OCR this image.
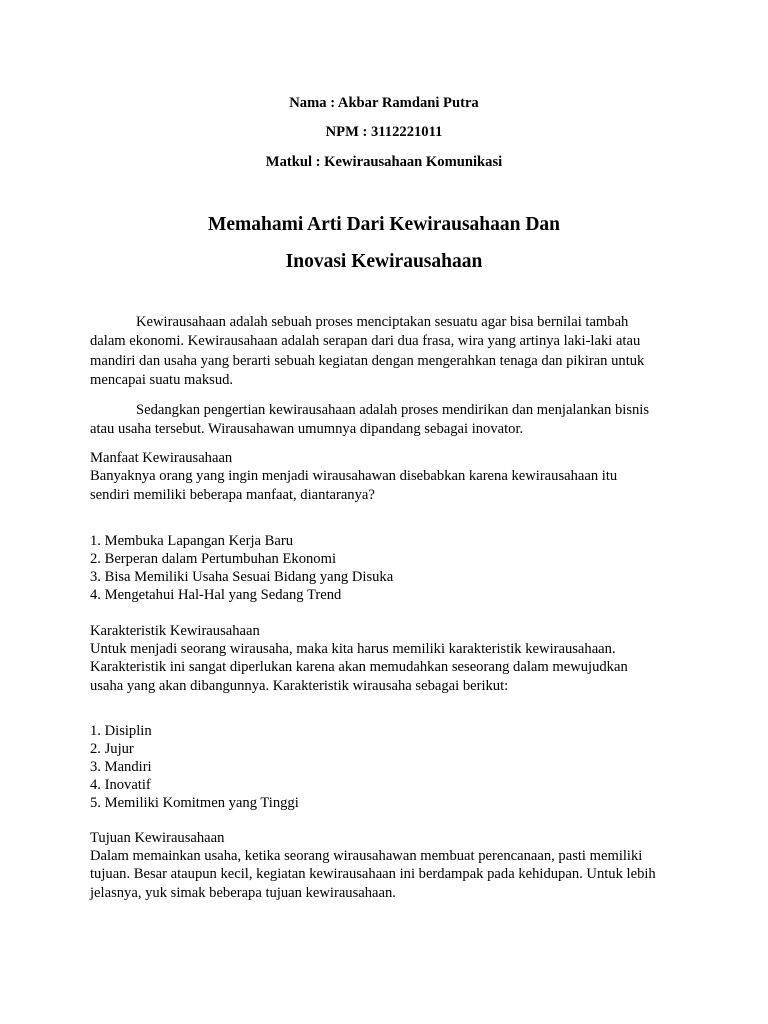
Nama : Akbar Ramdani Putra
NPM : 3112221011
Matkul : Kewirausahaan Komunikasi
Memahami Arti Dari Kewirausahaan Dan
Inovasi Kewirausahaan
Kewirausahaan adalah sebuah proses menciptakan sesuatu agar bisa bernilai tambah
dalam ekonomi. Kewirausahaan adalah serapan dari dua frasa, wira yang artinya laki-laki atau
mandiri dan usaha yang berarti sebuah kegiatan dengan mengerahkan tenaga dan pikiran untuk
mencapai suatu maksud.
Sedangkan pengertian kewirausahaan adalah proses mendirikan dan menjalankan bisnis
atau usaha tersebut. Wirausahawan umumnya dipandang sebagai inovator.
Manfaat Kewirausahaan
Banyaknya orang yang ingin menjadi wirausahawan disebabkan karena kewirausahaan itu
sendiri memiliki beberapa manfaat, diantaranya?
1. Membuka Lapangan Kerja Baru
2. Berperan dalam Pertumbuhan Ekonomi
3. Bisa Memiliki Usaha Sesuai Bidang yang Disuka
4. Mengetahui Hal-Hal yang Sedang Trend
Karakteristik Kewirausahaan
Untuk menjadi seorang wirausaha, maka kita harus memiliki karakteristik kewirausahaan.
Karakteristik ini sangat diperlukan karena akan memudahkan seseorang dalam mewujudkan
usaha yang akan dibangunnya. Karakteristik wirausaha sebagai berikut:
1. Disiplin
2. Jujur
3. Mandiri
4. Inovatif
5. Memiliki Komitmen yang Tinggi
Tujuan Kewirausahaan
Dalam memainkan usaha, ketika seorang wirausahawan membuat perencanaan, pasti memiliki
tujuan. Besar ataupun kecil, kegiatan kewirausahaan ini berdampak pada kehidupan. Untuk lebih
jelasnya, yuk simak beberapa tujuan kewirausahaan.
